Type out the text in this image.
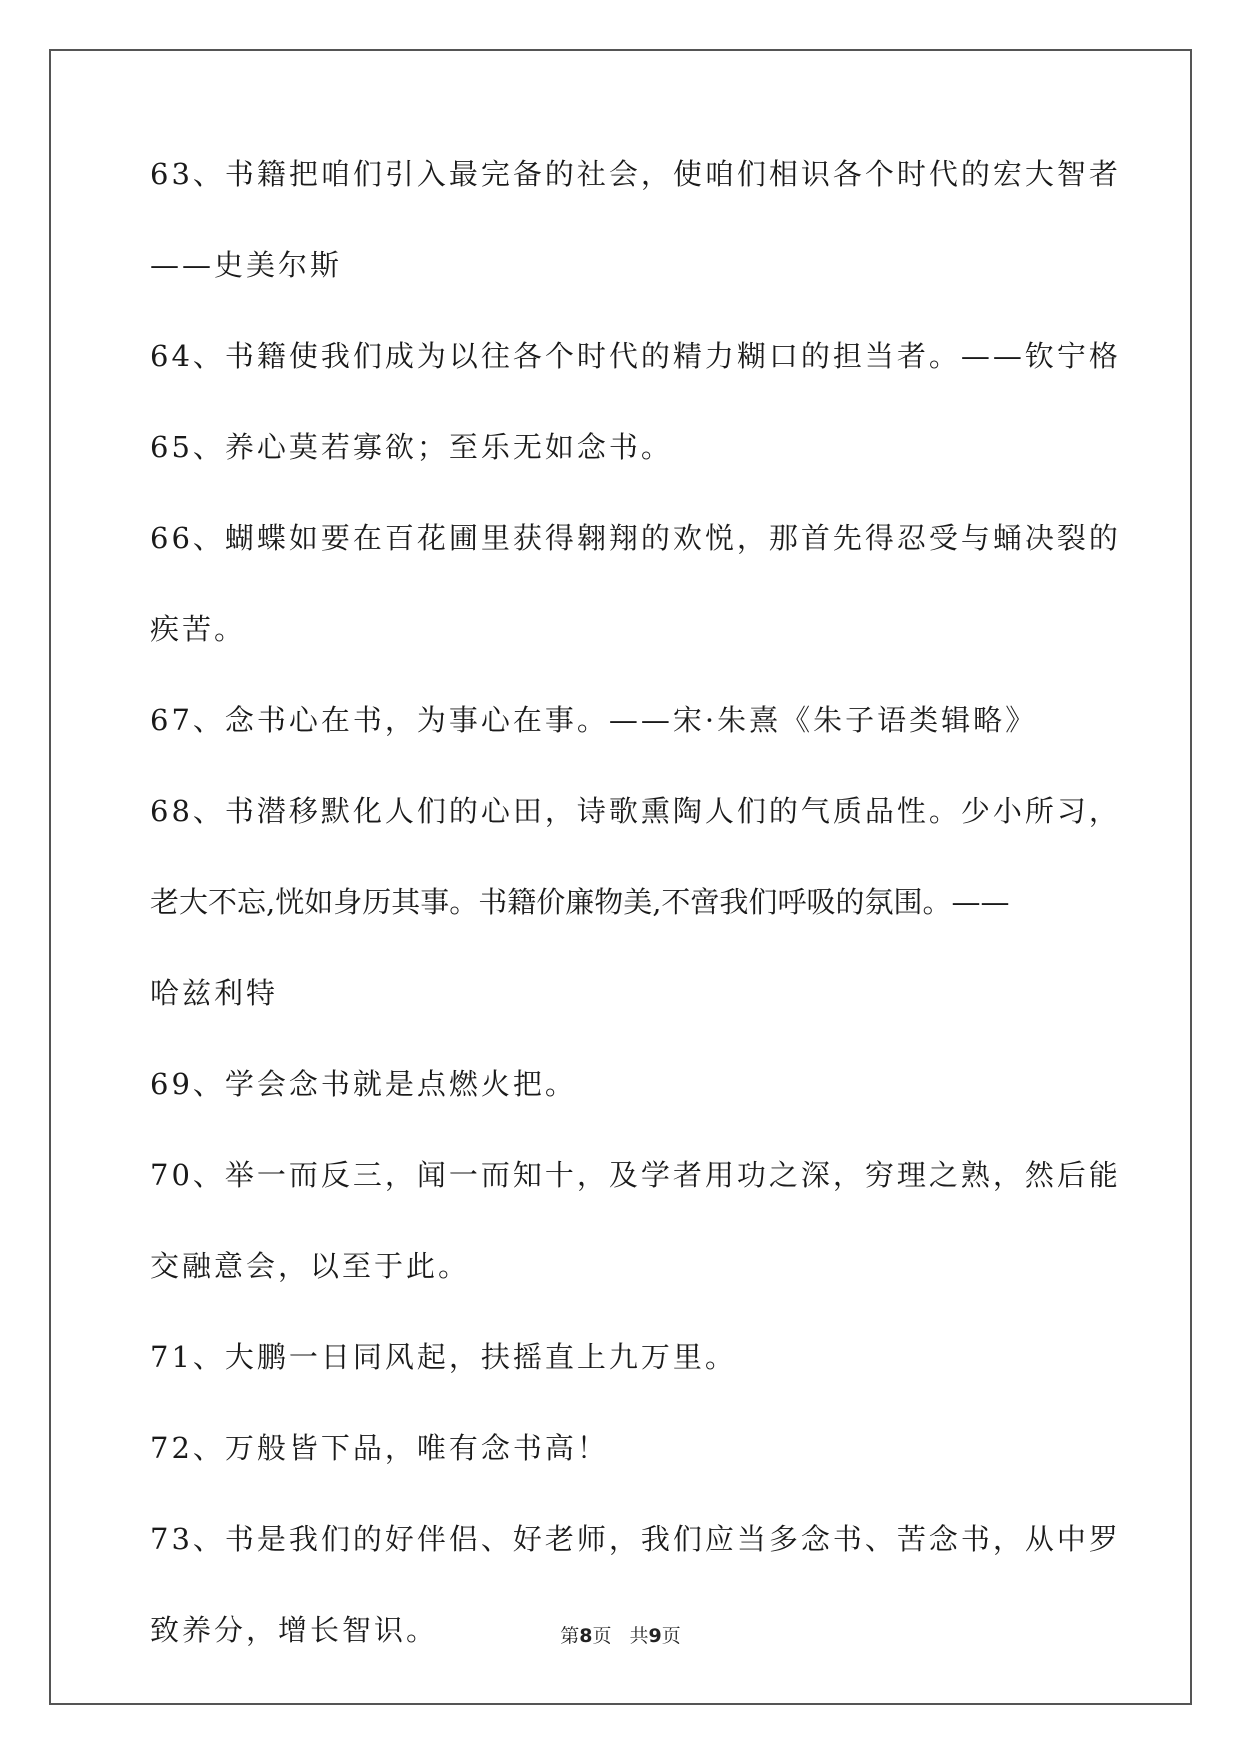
63、书籍把咱们引入最完备的社会，使咱们相识各个时代的宏大智者
——史美尔斯
64、书籍使我们成为以往各个时代的精力糊口的担当者。——钦宁格
65、养心莫若寡欲；至乐无如念书。
66、蝴蝶如要在百花圃里获得翱翔的欢悦，那首先得忍受与蛹决裂的
疾苦。
67、念书心在书，为事心在事。——宋·朱熹《朱子语类辑略》
68、书潜移默化人们的心田，诗歌熏陶人们的气质品性。少小所习，
老大不忘,恍如身历其事。书籍价廉物美,不啻我们呼吸的氛围。——
哈兹利特
69、学会念书就是点燃火把。
70、举一而反三，闻一而知十，及学者用功之深，穷理之熟，然后能
交融意会，以至于此。
71、大鹏一日同风起，扶摇直上九万里。
72、万般皆下品，唯有念书高！
73、书是我们的好伴侣、好老师，我们应当多念书、苦念书，从中罗
致养分，增长智识。	第8页 共9页
